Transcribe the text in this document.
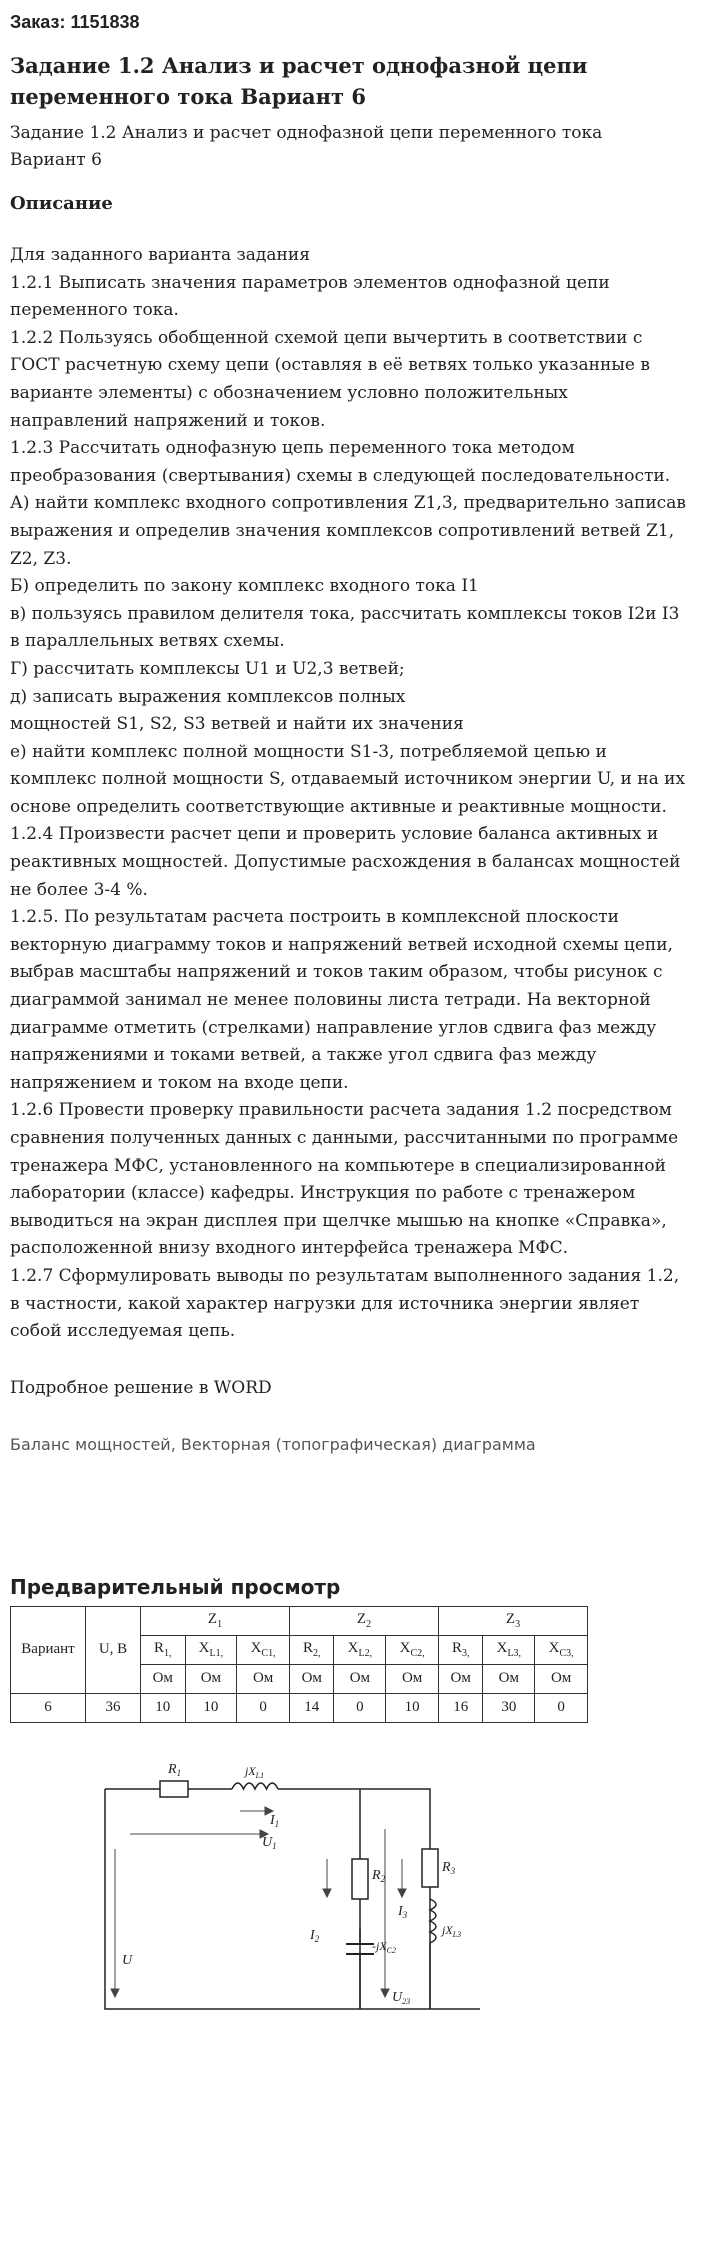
Заказ: 1151838
Задание 1.2 Анализ и расчет однофазной цепи переменного тока Вариант 6
Задание 1.2 Анализ и расчет однофазной цепи переменного тока Вариант 6
Описание
Для заданного варианта задания
1.2.1 Выписать значения параметров элементов однофазной цепи переменного тока.
1.2.2 Пользуясь обобщенной схемой цепи вычертить в соответствии с ГОСТ расчетную схему цепи (оставляя в её ветвях только указанные в варианте элементы) с обозначением условно положительных направлений напряжений и токов.
1.2.3 Рассчитать однофазную цепь переменного тока методом преобразования (свертывания) схемы в следующей последовательности.
А) найти комплекс входного сопротивления Z1,3, предварительно записав выражения и определив значения комплексов сопротивлений ветвей Z1, Z2, Z3.
Б) определить по закону комплекс входного тока I1
в) пользуясь правилом делителя тока, рассчитать комплексы токов I2и I3 в параллельных ветвях схемы.
Г) рассчитать комплексы U1 и U2,3 ветвей;
д) записать выражения комплексов полных
мощностей S1, S2, S3 ветвей и найти их значения
е) найти комплекс полной мощности S1-3, потребляемой цепью и комплекс полной мощности S, отдаваемый источником энергии U, и на их основе определить соответствующие активные и реактивные мощности.
1.2.4 Произвести расчет цепи и проверить условие баланса активных и реактивных мощностей. Допустимые расхождения в балансах мощностей не более 3-4 %.
1.2.5. По результатам расчета построить в комплексной плоскости векторную диаграмму токов и напряжений ветвей исходной схемы цепи, выбрав масштабы напряжений и токов таким образом, чтобы рисунок с диаграммой занимал не менее половины листа тетради. На векторной диаграмме отметить (стрелками) направление углов сдвига фаз между напряжениями и токами ветвей, а также угол сдвига фаз между напряжением и током на входе цепи.
1.2.6 Провести проверку правильности расчета задания 1.2 посредством сравнения полученных данных с данными, рассчитанными по программе тренажера МФС, установленного на компьютере в специализированной лаборатории (классе) кафедры. Инструкция по работе с тренажером выводиться на экран дисплея при щелчке мышью на кнопке «Справка», расположенной внизу входного интерфейса тренажера МФС.
1.2.7 Сформулировать выводы по результатам выполненного задания 1.2, в частности, какой характер нагрузки для источника энергии являет собой исследуемая цепь.
Подробное решение в WORD
Баланс мощностей, Векторная (топографическая) диаграмма
Предварительный просмотр
Вариант	U, В	$Z_1$			$Z_2$			$Z_3$
		$R_{1,}$	$X_{L1,}$	$X_{C1,}$	$R_{2,}$	$X_{L2,}$	$X_{C2,}$	$R_{3,}$	$X_{L3,}$	$X_{C3,}$
		Ом	Ом	Ом	Ом	Ом	Ом	Ом	Ом	Ом
6	36	10	10	0	14	0	10	16	30	0
$R_1$	$jX_{L1}$
$I_1$
$U_1$
$R_2$
$-jX_{C2}$
$I_2$
$R_3$
$jX_{L3}$
$I_3$
U
$U_{23}$
